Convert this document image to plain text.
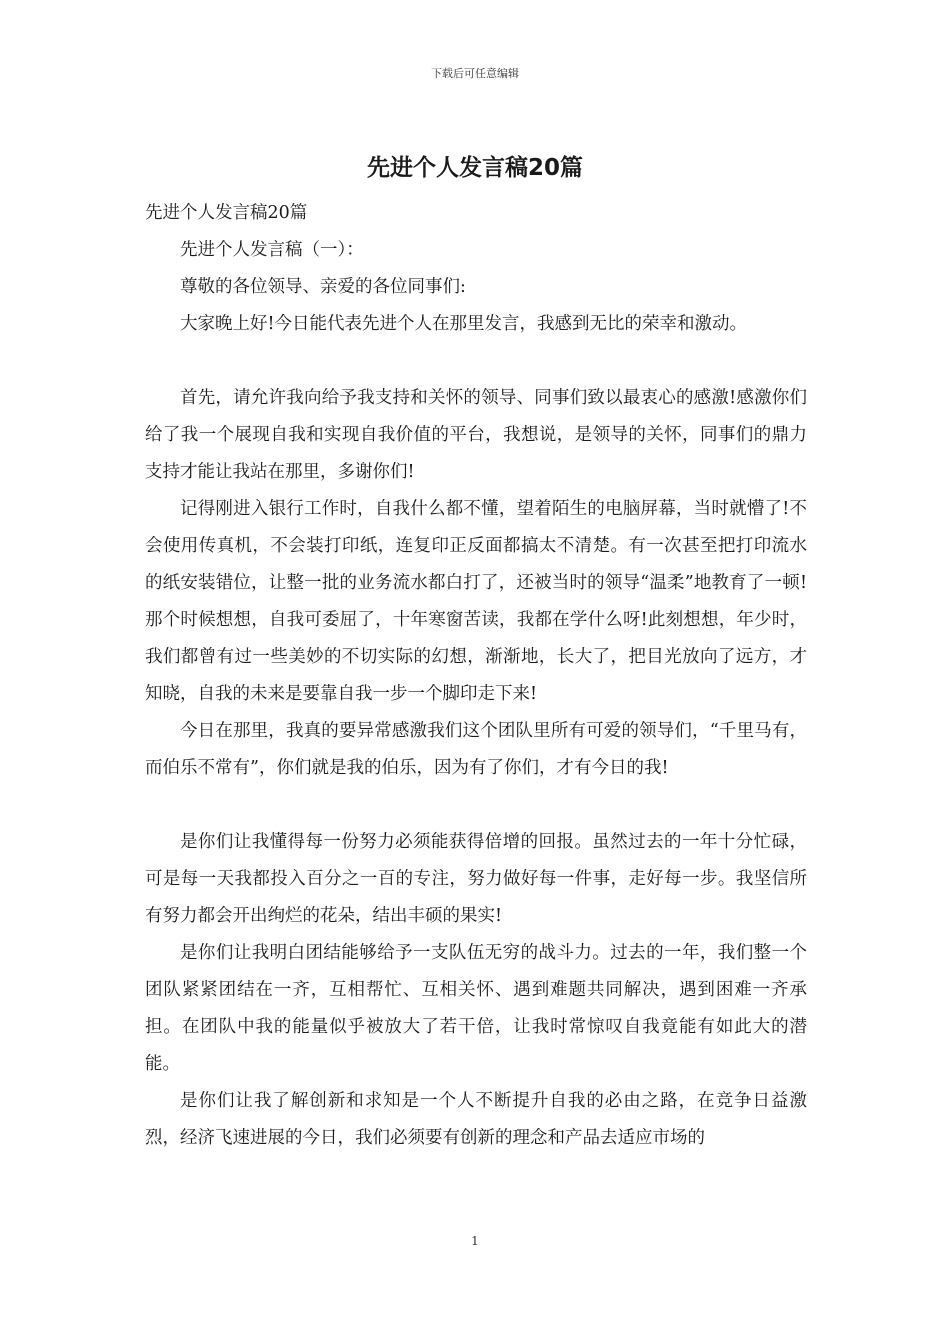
下载后可任意编辑
先进个人发言稿20篇

先进个人发言稿20篇

先进个人发言稿（一）：

尊敬的各位领导、亲爱的各位同事们:

大家晚上好!今日能代表先进个人在那里发言，我感到无比的荣幸和激动。

首先，请允许我向给予我支持和关怀的领导、同事们致以最衷心的感激!感激你们给了我一个展现自我和实现自我价值的平台，我想说，是领导的关怀，同事们的鼎力支持才能让我站在那里，多谢你们!

记得刚进入银行工作时，自我什么都不懂，望着陌生的电脑屏幕，当时就懵了!不会使用传真机，不会装打印纸，连复印正反面都搞太不清楚。有一次甚至把打印流水的纸安装错位，让整一批的业务流水都白打了，还被当时的领导“温柔”地教育了一顿!那个时候想想，自我可委屈了，十年寒窗苦读，我都在学什么呀!此刻想想，年少时，我们都曾有过一些美妙的不切实际的幻想，渐渐地，长大了，把目光放向了远方，才知晓，自我的未来是要靠自我一步一个脚印走下来!

今日在那里，我真的要异常感激我们这个团队里所有可爱的领导们，“千里马有，而伯乐不常有”，你们就是我的伯乐，因为有了你们，才有今日的我!

是你们让我懂得每一份努力必须能获得倍增的回报。虽然过去的一年十分忙碌，可是每一天我都投入百分之一百的专注，努力做好每一件事，走好每一步。我坚信所有努力都会开出绚烂的花朵，结出丰硕的果实!

是你们让我明白团结能够给予一支队伍无穷的战斗力。过去的一年，我们整一个团队紧紧团结在一齐，互相帮忙、互相关怀、遇到难题共同解决，遇到困难一齐承担。在团队中我的能量似乎被放大了若干倍，让我时常惊叹自我竟能有如此大的潜能。

是你们让我了解创新和求知是一个人不断提升自我的必由之路，在竞争日益激烈，经济飞速进展的今日，我们必须要有创新的理念和产品去适应市场的

1
